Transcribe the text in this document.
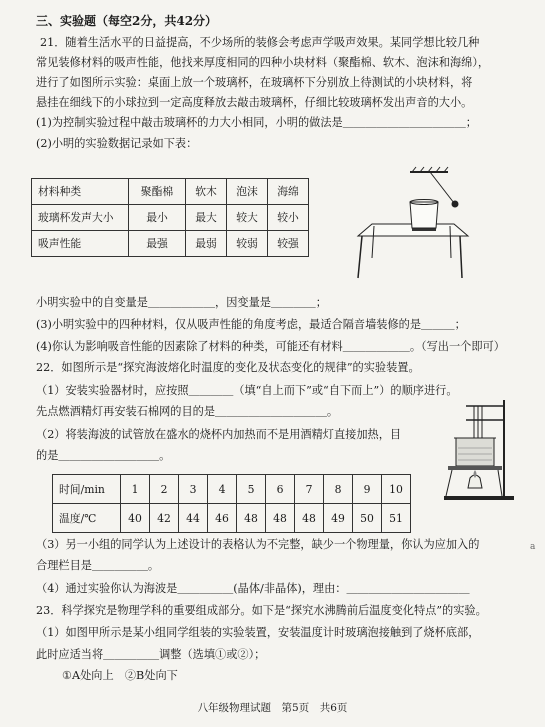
三、实验题（每空2分，共42分）
21．随着生活水平的日益提高，不少场所的装修会考虑声学吸声效果。某同学想比较几种
常见装修材料的吸声性能，他找来厚度相同的四种小块材料（聚酯棉、软木、泡沫和海绵），
进行了如图所示实验：桌面上放一个玻璃杯，在玻璃杯下分别放上待测试的小块材料，将
悬挂在细线下的小球拉到一定高度释放去敲击玻璃杯，仔细比较玻璃杯发出声音的大小。
(1)为控制实验过程中敲击玻璃杯的力大小相同，小明的做法是＿＿＿＿＿＿＿＿＿＿＿；
(2)小明的实验数据记录如下表：
材料种类	聚酯棉	软木	泡沫	海绵
玻璃杯发声大小	最小	最大	较大	较小
吸声性能	最强	最弱	较弱	较强
小明实验中的自变量是＿＿＿＿＿＿，因变量是＿＿＿＿；
(3)小明实验中的四种材料，仅从吸声性能的角度考虑，最适合隔音墙装修的是＿＿＿；
(4)你认为影响吸音性能的因素除了材料的种类，可能还有材料＿＿＿＿＿＿。（写出一个即可）
22．如图所示是“探究海波熔化时温度的变化及状态变化的规律”的实验装置。
（1）安装实验器材时，应按照＿＿＿＿（填“自上而下”或“自下而上”）的顺序进行。
先点燃酒精灯再安装石棉网的目的是＿＿＿＿＿＿＿＿＿＿。
（2）将装海波的试管放在盛水的烧杯内加热而不是用酒精灯直接加热，目
的是＿＿＿＿＿＿＿＿＿。
时间/min	1	2	3	4	5	6	7	8	9	10
温度/℃	40	42	44	46	48	48	48	49	50	51
（3）另一小组的同学认为上述设计的表格认为不完整，缺少一个物理量，你认为应加入的	a
合理栏目是＿＿＿＿＿。
（4）通过实验你认为海波是＿＿＿＿＿(晶体/非晶体)，理由：＿＿＿＿＿＿＿＿＿＿＿
23．科学探究是物理学科的重要组成部分。如下是“探究水沸腾前后温度变化特点”的实验。
（1）如图甲所示是某小组同学组装的实验装置，安装温度计时玻璃泡接触到了烧杯底部，
此时应适当将＿＿＿＿＿调整（选填①或②）；
①A处向上　②B处向下
八年级物理试题　第5页　共6页
